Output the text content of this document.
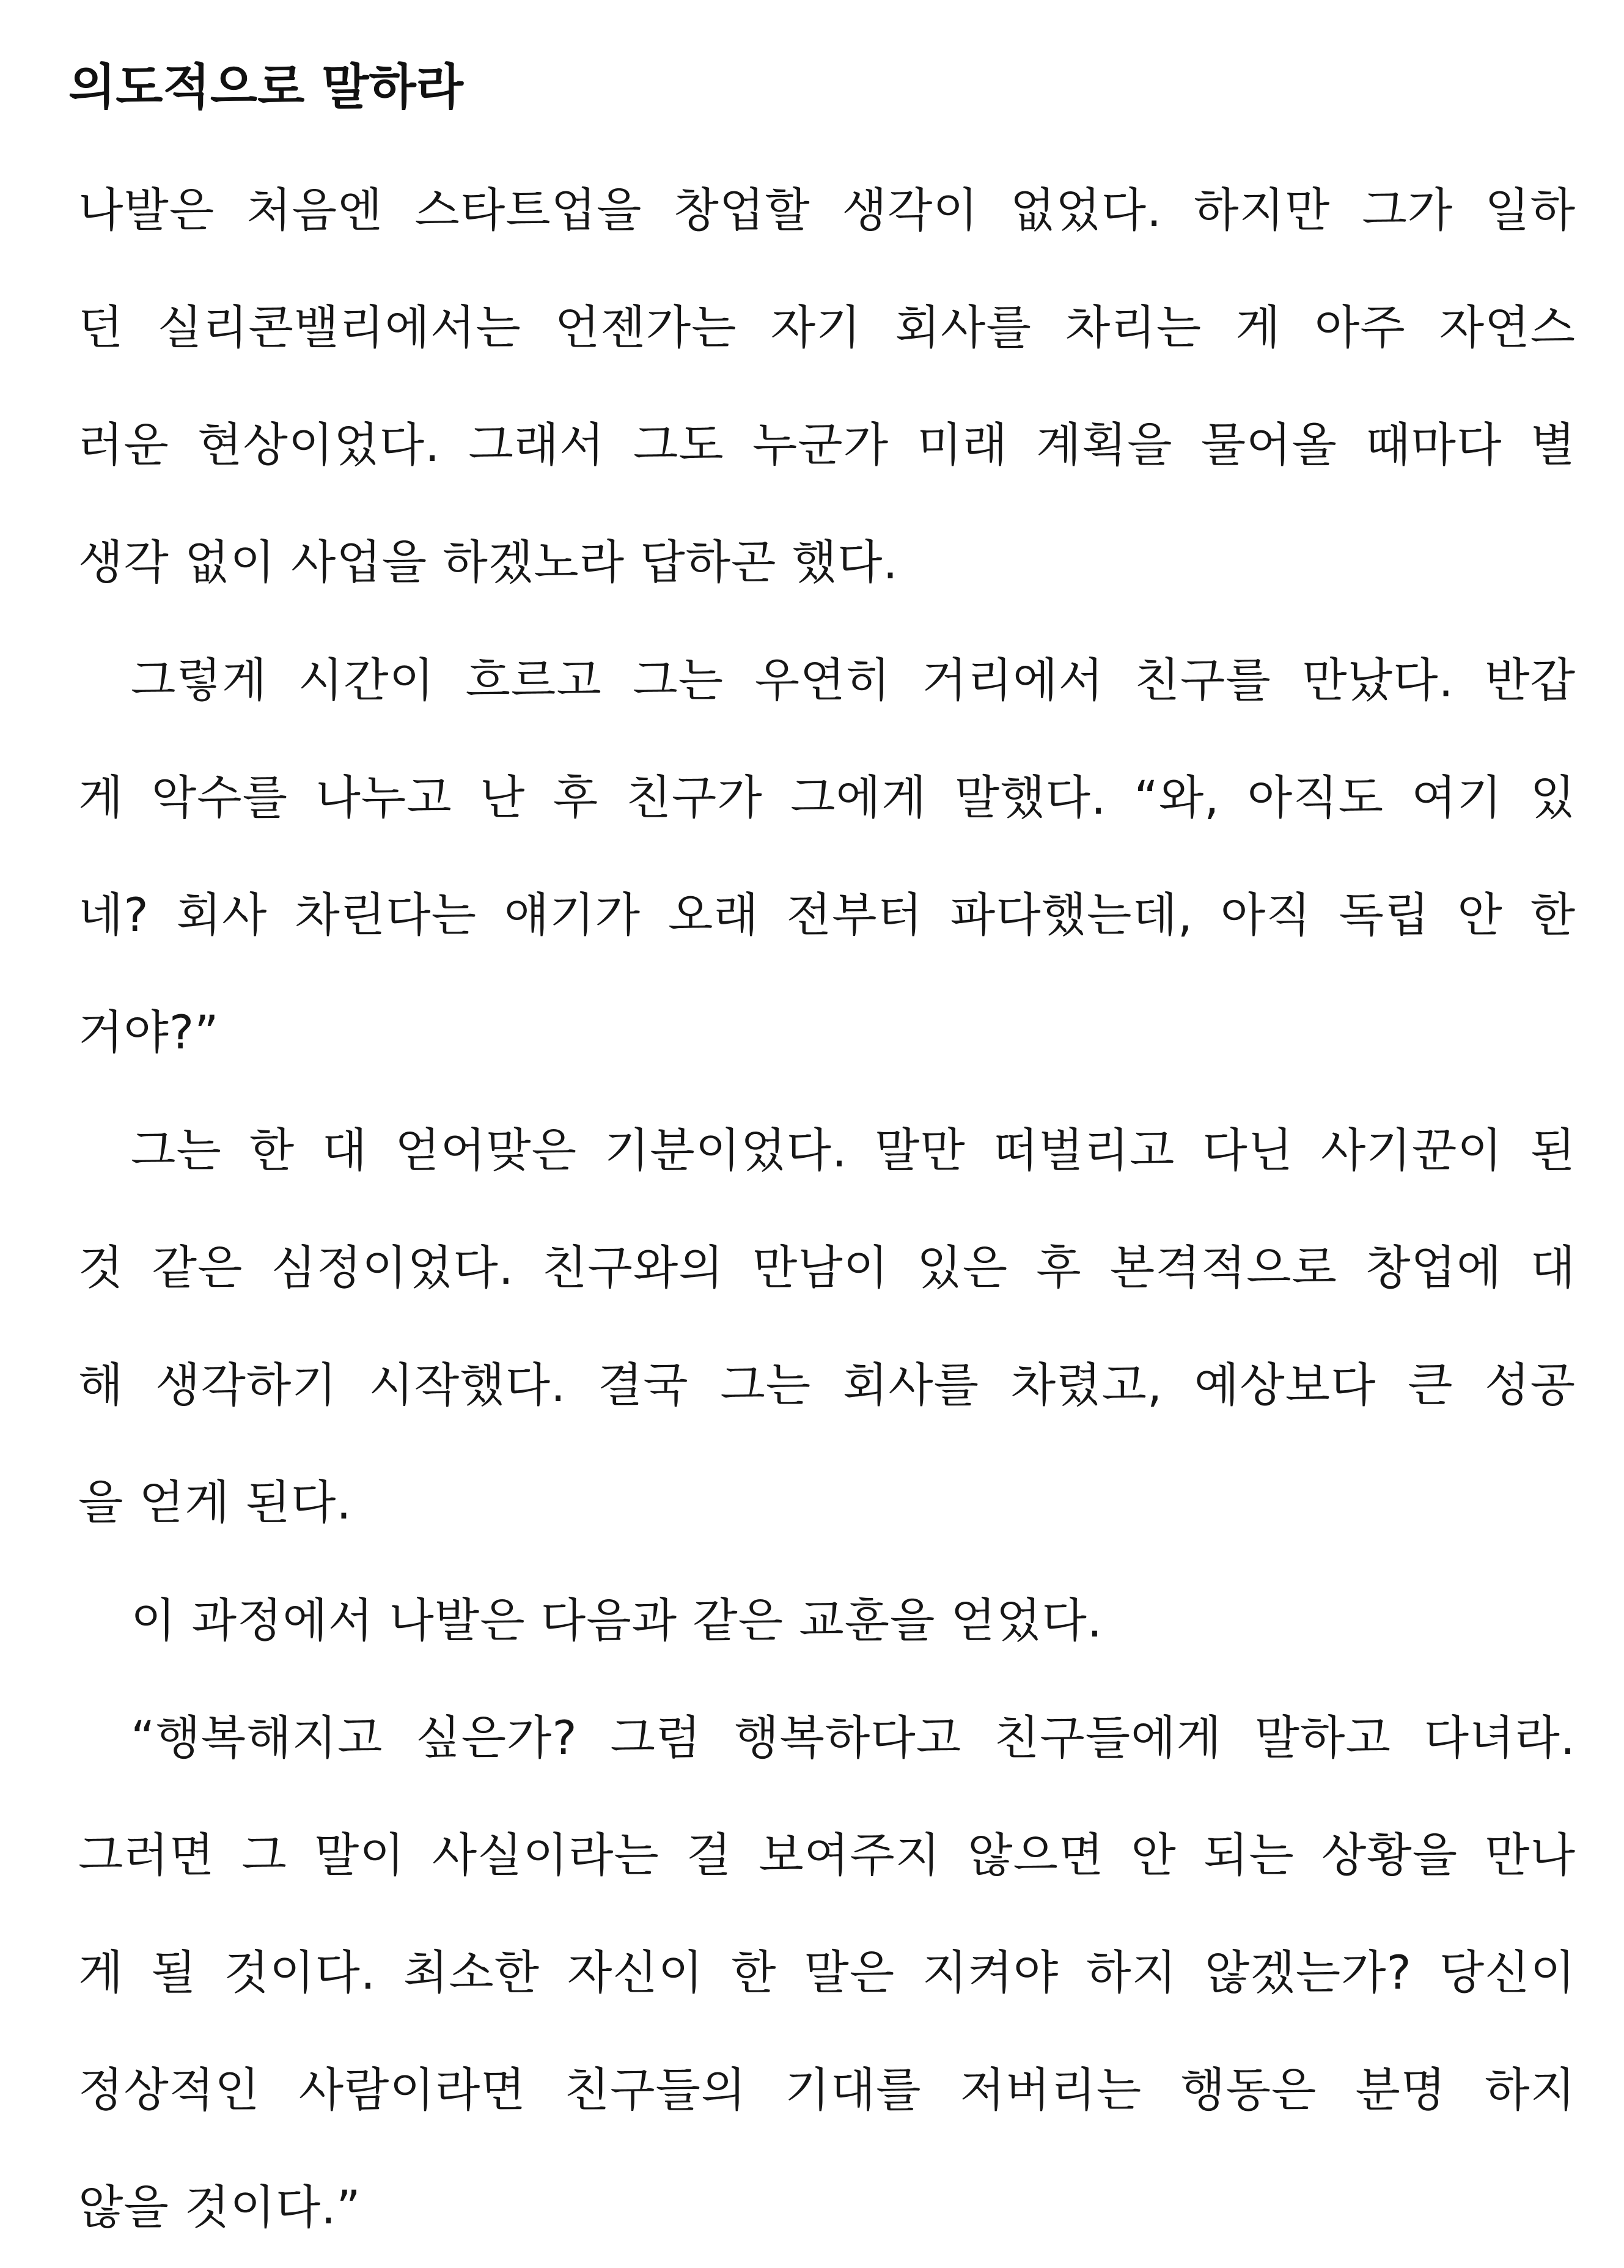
의도적으로 말하라
나발은 처음엔 스타트업을 창업할 생각이 없었다. 하지만 그가 일하
던 실리콘밸리에서는 언젠가는 자기 회사를 차리는 게 아주 자연스
러운 현상이었다. 그래서 그도 누군가 미래 계획을 물어올 때마다 별
생각 없이 사업을 하겠노라 답하곤 했다.
그렇게 시간이 흐르고 그는 우연히 거리에서 친구를 만났다. 반갑
게 악수를 나누고 난 후 친구가 그에게 말했다. “와, 아직도 여기 있
네? 회사 차린다는 얘기가 오래 전부터 파다했는데, 아직 독립 안 한
거야?”
그는 한 대 얻어맞은 기분이었다. 말만 떠벌리고 다닌 사기꾼이 된
것 같은 심정이었다. 친구와의 만남이 있은 후 본격적으로 창업에 대
해 생각하기 시작했다. 결국 그는 회사를 차렸고, 예상보다 큰 성공
을 얻게 된다.
이 과정에서 나발은 다음과 같은 교훈을 얻었다.
“행복해지고 싶은가? 그럼 행복하다고 친구들에게 말하고 다녀라.
그러면 그 말이 사실이라는 걸 보여주지 않으면 안 되는 상황을 만나
게 될 것이다. 최소한 자신이 한 말은 지켜야 하지 않겠는가? 당신이
정상적인 사람이라면 친구들의 기대를 저버리는 행동은 분명 하지
않을 것이다.”
